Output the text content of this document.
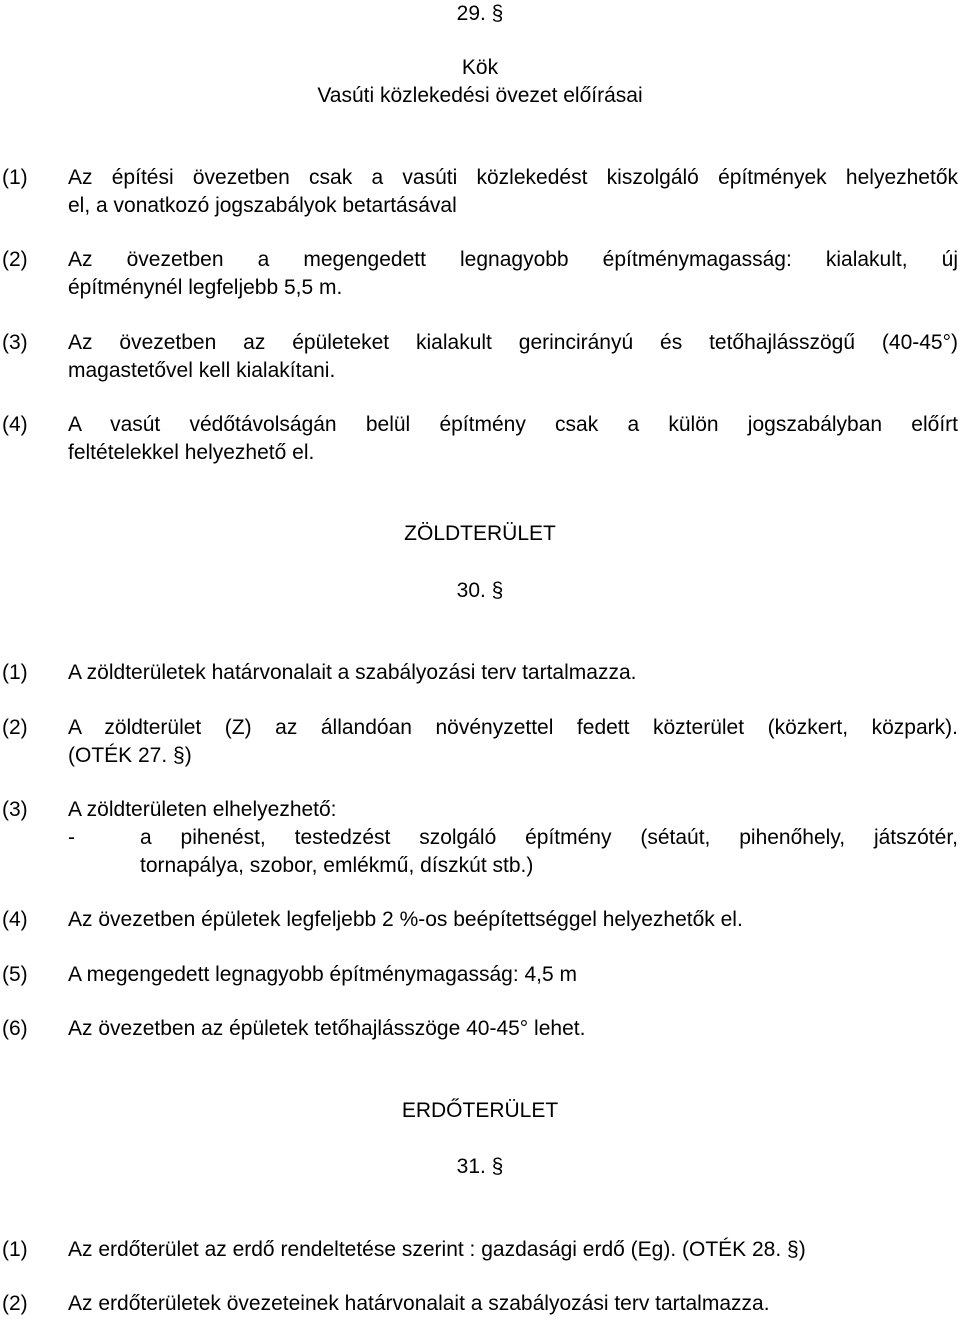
29. §
Kök
Vasúti közlekedési övezet előírásai
(1) Az építési övezetben csak a vasúti közlekedést kiszolgáló építmények helyezhetők
el, a vonatkozó jogszabályok betartásával
(2) Az övezetben a megengedett legnagyobb építménymagasság: kialakult, új
építménynél legfeljebb 5,5 m.
(3) Az övezetben az épületeket kialakult gerincirányú és tetőhajlásszögű (40-45°)
magastetővel kell kialakítani.
(4) A vasút védőtávolságán belül építmény csak a külön jogszabályban előírt
feltételekkel helyezhető el.
ZÖLDTERÜLET
30. §
(1) A zöldterületek határvonalait a szabályozási terv tartalmazza.
(2) A zöldterület (Z) az állandóan növényzettel fedett közterület (közkert, közpark).
(OTÉK 27. §)
(3) A zöldterületen elhelyezhető:
-	a pihenést, testedzést szolgáló építmény (sétaút, pihenőhely, játszótér,
tornapálya, szobor, emlékmű, díszkút stb.)
(4) Az övezetben épületek legfeljebb 2 %-os beépítettséggel helyezhetők el.
(5) A megengedett legnagyobb építménymagasság: 4,5 m
(6) Az övezetben az épületek tetőhajlásszöge 40-45° lehet.
ERDŐTERÜLET
31. §
(1) Az erdőterület az erdő rendeltetése szerint : gazdasági erdő (Eg). (OTÉK 28. §)
(2) Az erdőterületek övezeteinek határvonalait a szabályozási terv tartalmazza.
